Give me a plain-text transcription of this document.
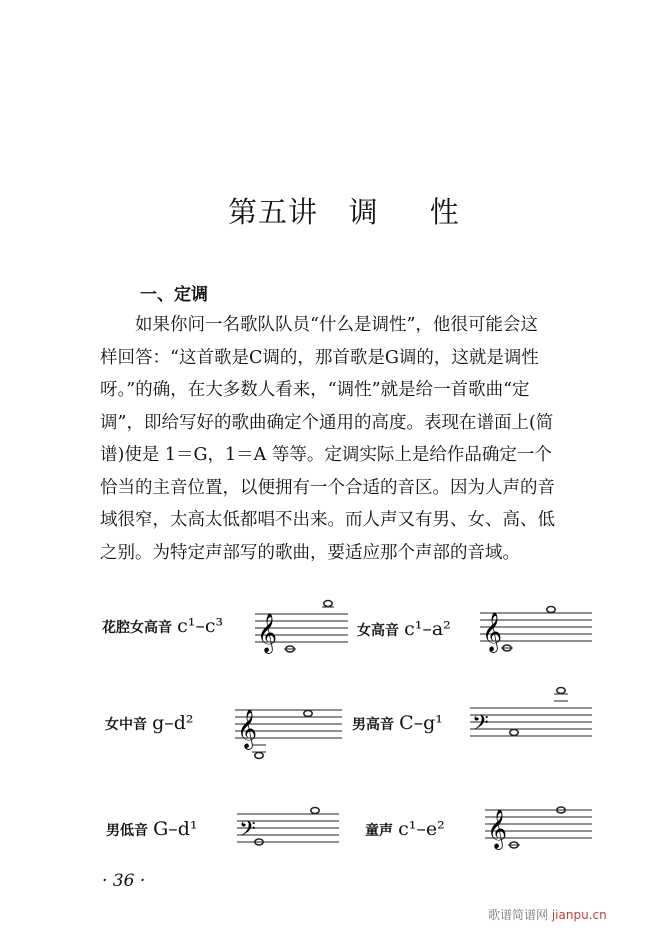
第五讲   调     性
一、定调
如果你问一名歌队队员“什么是调性”，他很可能会这
样回答：“这首歌是C调的，那首歌是G调的，这就是调性
呀。”的确，在大多数人看来，“调性”就是给一首歌曲“定
调”，即给写好的歌曲确定个通用的高度。表现在谱面上(简
谱)使是 1＝G，1＝A 等等。定调实际上是给作品确定一个
恰当的主音位置，以便拥有一个合适的音区。因为人声的音
域很窄，太高太低都唱不出来。而人声又有男、女、高、低
之别。为特定声部写的歌曲，要适应那个声部的音域。
花腔女高音 c¹–c³ 𝄞	女高音 c¹–a² 𝄞
女中音 g–d² 𝄞	男高音 C–g¹ 𝄢
男低音 G–d¹ 𝄢	童声 c¹–e² 𝄞
· 36 ·
歌谱简谱网 jianpu.cn
